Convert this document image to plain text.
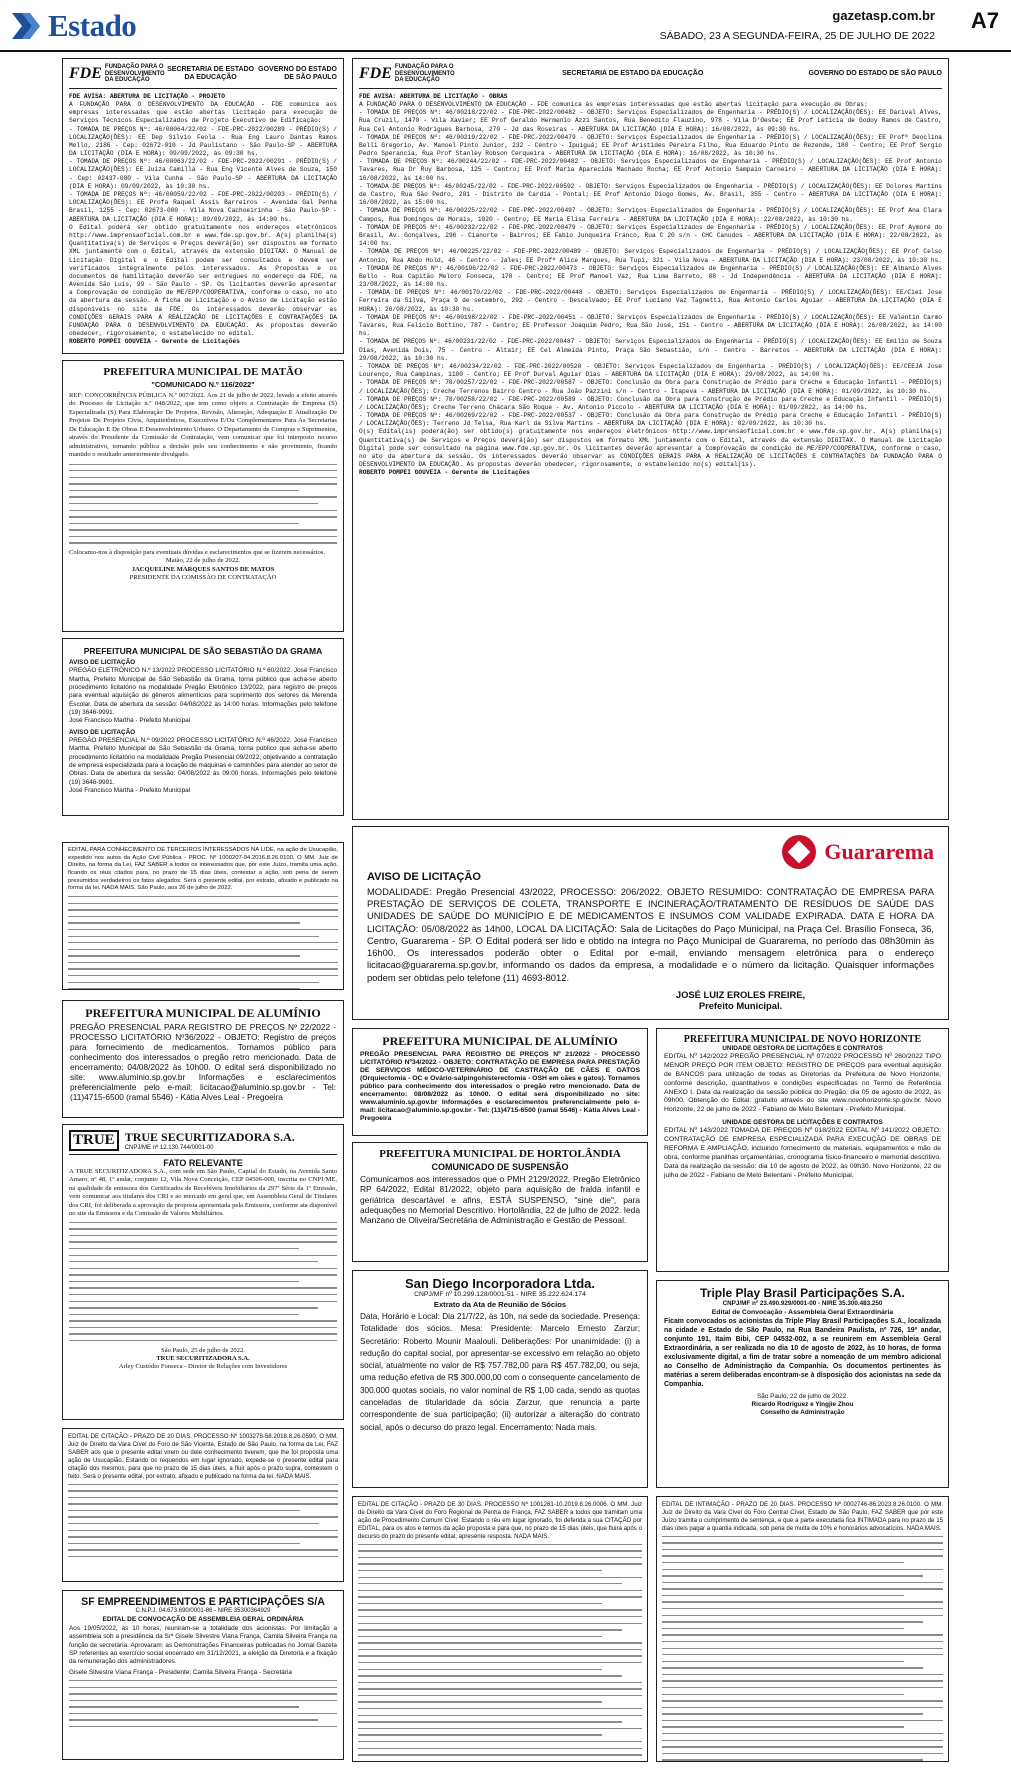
Estado	gazetasp.com.br
SÁBADO, 23 A SEGUNDA-FEIRA, 25 DE JULHO DE 2022
A7
FDE FUNDAÇÃO PARA O DESENVOLVIMENTO DA EDUCAÇÃO
SECRETARIA DE ESTADO DA EDUCAÇÃO
GOVERNO DO ESTADO DE SÃO PAULO
FDE AVISA: ABERTURA DE LICITAÇÃO - PROJETO

A FUNDAÇÃO PARA O DESENVOLVIMENTO DA EDUCAÇÃO - FDE comunica aos empresas interessadas que estão abertas licitação para execução de Serviços Técnicos Especializados de Projeto Executivo de Edificação:

- TOMADA DE PREÇOS Nº: 46/00064/22/02 - FDE-PRC-2022/00289 - PRÉDIO(S) / LOCALIZAÇÃO(ÕES): EE Dep Silvio Feola - Rua Eng Lauro Dantas Ramos Mello, 2186 - Cep: 02672-010 - Jd Paulistano - São Paulo-SP - ABERTURA DA LICITAÇÃO (DIA E HORA): 09/09/2022, às 09:30 hs.

- TOMADA DE PREÇOS Nº: 46/00063/22/02 - FDE-PRC-2022/00291 - PRÉDIO(S) / LOCALIZAÇÃO(ÕES): EE Juiza Camilla - Rua Eng Vicente Alves de Souza, 150 - Cep: 02437-080 - Vila Cunha - São Paulo-SP - ABERTURA DA LICITAÇÃO (DIA E HORA): 09/09/2022, às 10:30 hs.

- TOMADA DE PREÇOS Nº: 46/00059/22/02 - FDE-PRC-2022/00203 - PRÉDIO(S) / LOCALIZAÇÃO(ÕES): EE Profa Raquel Assis Barreiros - Avenida Gal Penha Brasil, 1255 - Cep: 02673-000 - Vila Nova Cachoeirinha - São Paulo-SP - ABERTURA DA LICITAÇÃO (DIA E HORA): 09/09/2022, às 14:00 hs.

O Edital poderá ser obtido gratuitamente nos endereços eletrônicos http://www.imprensaoficial.com.br e www.fde.sp.gov.br. A(s) planilha(s) Quantitativa(s) de Serviços e Preços deverá(ão) ser dispostos em formato XML juntamente com o Edital, através da extensão DIGITAX. O Manual de Licitação Digital e o Edital podem ser consultados e devem ser verificados integralmente pelos interessados. As Propostas e os documentos de habilitação deverão ser entregues no endereço da FDE, na Avenida São Luís, 99 - São Paulo - SP. Os licitantes deverão apresentar a Comprovação de condição de ME/EPP/COOPERATIVA, conforme o caso, no ato da abertura da sessão. A ficha de Licitação e o Aviso de Licitação estão disponíveis no site da FDE. Os interessados deverão observar as CONDIÇÕES GERAIS PARA A REALIZAÇÃO DE LICITAÇÕES E CONTRATAÇÕES DA FUNDAÇÃO PARA O DESENVOLVIMENTO DA EDUCAÇÃO. As propostas deverão obedecer, rigorosamente, o estabelecido no edital.

ROBERTO POMPEI GOUVEIA - Gerente de Licitações

PREFEITURA MUNICIPAL DE MATÃO
"COMUNICADO N.º 116/2022"

REF: CONCORRÊNCIA PÚBLICA N.º 007/2022. Aos 21 de julho de 2022, levado a efeito através do Processo de Licitação n.º 048/2022, que tem como objeto a Contratação de Empresa (S) Especializada (S) Para Elaboração De Projetos, Revisão, Alteração, Adequação E Atualização De Projetos De Projetos Civis, Arquitetônicos, Executivos E/Ou Complementares Para As Secretarias De Educação E De Obras E Desenvolvimento Urbano. O Departamento de Compras e Suprimentos, através do Presidente da Comissão de Contratação, vem comunicar que foi interposto recurso administrativo, tornando pública a decisão pelo seu conhecimento e não provimento, ficando mantido o resultado anteriormente divulgado.

Colocamo-nos à disposição para eventuais dúvidas e esclarecimentos que se fizerem necessários.

Matão, 22 de julho de 2022.

JACQUELINE MARQUES SANTOS DE MATOS

PRESIDENTE DA COMISSÃO DE CONTRATAÇÃO

PREFEITURA MUNICIPAL DE SÃO SEBASTIÃO DA GRAMA
AVISO DE LICITAÇÃO

PREGÃO ELETRÔNICO N.º 13/2022 PROCESSO LICITATÓRIO N.º 60/2022. José Francisco Martha, Prefeito Municipal de São Sebastião da Grama, torna público que acha-se aberto procedimento licitatório na modalidade Pregão Eletrônico 13/2022, para registro de preços para eventual aquisição de gêneros alimentícios para suprimento dos setores da Merenda Escolar. Data de abertura da sessão: 04/08/2022 às 14:00 horas. Informações pelo telefone (19) 3646-9991.

José Francisco Martha - Prefeito Municipal

AVISO DE LICITAÇÃO

PREGÃO PRESENCIAL N.º 09/2022 PROCESSO LICITATÓRIO N.º 46/2022. José Francisco Martha, Prefeito Municipal de São Sebastião da Grama, torna público que acha-se aberto procedimento licitatório na modalidade Pregão Presencial 09/2022, objetivando a contratação de empresa especializada para a locação de máquinas e caminhões para atender ao setor de Obras. Data de abertura da sessão: 04/08/2022 às 09:00 horas. Informações pelo telefone (19) 3646-9991.

José Francisco Martha - Prefeito Municipal

FDE FUNDAÇÃO PARA O DESENVOLVIMENTO DA EDUCAÇÃO
SECRETARIA DE ESTADO DA EDUCAÇÃO	GOVERNO DO ESTADO DE SÃO PAULO
FDE AVISA: ABERTURA DE LICITAÇÃO - OBRAS

A FUNDAÇÃO PARA O DESENVOLVIMENTO DA EDUCAÇÃO - FDE comunica às empresas interessadas que estão abertas licitação para execução de Obras:

- TOMADA DE PREÇOS Nº: 46/00218/22/02 - FDE-PRC-2022/00482 - OBJETO: Serviços Especializados de Engenharia - PRÉDIO(S) / LOCALIZAÇÃO(ÕES): EE Darival Alves, Rua Cruzil, 1470 - Vila Xavier; EE Prof Geraldo Hermenio Azzi Santos, Rua Benedito Flauzino, 978 - Vila D'Oeste; EE Prof Leticia de Godoy Ramos de Castro, Rua Cel Antonio Rodrigues Barbosa, 270 - Jd das Roseiras - ABERTURA DA LICITAÇÃO (DIA E HORA): 16/08/2022, às 09:30 hs.

- TOMADA DE PREÇOS Nº: 46/00219/22/02 - FDE-PRC-2022/00479 - OBJETO: Serviços Especializados de Engenharia - PRÉDIO(S) / LOCALIZAÇÃO(ÕES): EE Profª Deoclina Belli Gregorio, Av. Manoel Pinto Junior, 232 - Centro - Ipuiguá; EE Prof Aristides Pereira Filho, Rua Eduardo Pinto de Rezende, 180 - Centro; EE Prof Sergio Pedro Sperancia, Rua Prof Stanley Robson Cerqueira - ABERTURA DA LICITAÇÃO (DIA E HORA): 16/08/2022, às 10:30 hs.

- TOMADA DE PREÇOS Nº: 46/00244/22/02 - FDE-PRC-2022/00482 - OBJETO: Serviços Especializados de Engenharia - PRÉDIO(S) / LOCALIZAÇÃO(ÕES): EE Prof Antonio Tavares, Rua Dr Ruy Barbosa, 125 - Centro; EE Prof Maria Aparecida Machado Rocha; EE Prof Antonio Sampaio Carneiro - ABERTURA DA LICITAÇÃO (DIA E HORA): 16/08/2022, às 14:00 hs.

- TOMADA DE PREÇOS Nº: 46/00245/22/02 - FDE-PRC-2022/00592 - OBJETO: Serviços Especializados de Engenharia - PRÉDIO(S) / LOCALIZAÇÃO(ÕES): EE Dolores Martins de Castro, Rua São Pedro, 201 - Distrito de Cardia - Pontal; EE Prof Antonio Diogo Gomes, Av. Brasil, 355 - Centro - ABERTURA DA LICITAÇÃO (DIA E HORA): 16/08/2022, às 15:00 hs.

- TOMADA DE PREÇOS Nº: 46/00225/22/02 - FDE-PRC-2022/00497 - OBJETO: Serviços Especializados de Engenharia - PRÉDIO(S) / LOCALIZAÇÃO(ÕES): EE Prof Ana Clara Campos, Rua Domingos de Morais, 1020 - Centro; EE Maria Elisa Ferreira - ABERTURA DA LICITAÇÃO (DIA E HORA): 22/08/2022, às 10:30 hs.

- TOMADA DE PREÇOS Nº: 46/00232/22/02 - FDE-PRC-2022/00479 - OBJETO: Serviços Especializados de Engenharia - PRÉDIO(S) / LOCALIZAÇÃO(ÕES): EE Prof Aymoré do Brasil, Av. Gonçalves, 296 - Cianorte - Bairros; EE Fabio Junqueira Franco, Rua C 20 s/n - CHC Canudos - ABERTURA DA LICITAÇÃO (DIA E HORA): 22/08/2022, às 14:00 hs.

- TOMADA DE PREÇOS Nº: 46/00225/22/02 - FDE-PRC-2022/00489 - OBJETO: Serviços Especializados de Engenharia - PRÉDIO(S) / LOCALIZAÇÃO(ÕES): EE Prof Celso Antonio, Rua Abdo Hold, 46 - Centro - Jales; EE Profª Alice Marques, Rua Tupi, 321 - Vila Nova - ABERTURA DA LICITAÇÃO (DIA E HORA): 23/08/2022, às 10:30 hs.

- TOMADA DE PREÇOS Nº: 46/00196/22/02 - FDE-PRC-2022/00473 - OBJETO: Serviços Especializados de Engenharia - PRÉDIO(S) / LOCALIZAÇÃO(ÕES): EE Albanio Alves Bello - Rua Capitão Meloro Fonseca, 178 - Centro; EE Prof Manoel Vaz, Rua Lima Barreto, 88 - Jd Independência - ABERTURA DA LICITAÇÃO (DIA E HORA): 23/08/2022, às 14:00 hs.

- TOMADA DE PREÇOS Nº: 46/00170/22/02 - FDE-PRC-2022/00448 - OBJETO: Serviços Especializados de Engenharia - PRÉDIO(S) / LOCALIZAÇÃO(ÕES): EE/Ciei Jose Ferreira da Silva, Praça 9 de setembro, 292 - Centro - Descalvado; EE Prof Luciano Vaz Tagnetti, Rua Antonio Carlos Aguiar - ABERTURA DA LICITAÇÃO (DIA E HORA): 26/08/2022, às 10:30 hs.

- TOMADA DE PREÇOS Nº: 46/00198/22/02 - FDE-PRC-2022/00451 - OBJETO: Serviços Especializados de Engenharia - PRÉDIO(S) / LOCALIZAÇÃO(ÕES): EE Valentin Carmo Tavares, Rua Felício Bottino, 787 - Centro; EE Professor Joaquim Pedro, Rua São José, 151 - Centro - ABERTURA DA LICITAÇÃO (DIA E HORA): 26/08/2022, às 14:00 hs.

- TOMADA DE PREÇOS Nº: 46/00231/22/02 - FDE-PRC-2022/00487 - OBJETO: Serviços Especializados de Engenharia - PRÉDIO(S) / LOCALIZAÇÃO(ÕES): EE Emilio de Souza Dias, Avenida Dois, 75 - Centro - Altair; EE Cel Almeida Pinto, Praça São Sebastião, s/n - Centro - Barretos - ABERTURA DA LICITAÇÃO (DIA E HORA): 29/08/2022, às 10:30 hs.

- TOMADA DE PREÇOS Nº: 46/00234/22/02 - FDE-PRC-2022/00520 - OBJETO: Serviços Especializados de Engenharia - PRÉDIO(S) / LOCALIZAÇÃO(ÕES): EE/CEEJA Jose Lourenço, Rua Campinas, 1100 - Centro; EE Prof Durval Aguiar Dias - ABERTURA DA LICITAÇÃO (DIA E HORA): 29/08/2022, às 14:00 hs.

- TOMADA DE PREÇOS Nº: 78/00257/22/02 - FDE-PRC-2022/00587 - OBJETO: Conclusão da Obra para Construção de Prédio para Creche e Educação Infantil - PRÉDIO(S) / LOCALIZAÇÃO(ÕES): Creche Terrenos Bairro Centro - Rua João Pazzini s/n - Centro - Itapeva - ABERTURA DA LICITAÇÃO (DIA E HORA): 01/09/2022, às 10:30 hs.

- TOMADA DE PREÇOS Nº: 78/00258/22/02 - FDE-PRC-2022/00589 - OBJETO: Conclusão da Obra para Construção de Prédio para Creche e Educação Infantil - PRÉDIO(S) / LOCALIZAÇÃO(ÕES): Creche Terreno Chácara São Roque - Av. Antonio Piccolo - ABERTURA DA LICITAÇÃO (DIA E HORA): 01/09/2022, às 14:00 hs.

- TOMADA DE PREÇOS Nº: 46/00269/22/02 - FDE-PRC-2022/00537 - OBJETO: Conclusão da Obra para Construção de Prédio para Creche e Educação Infantil - PRÉDIO(S) / LOCALIZAÇÃO(ÕES): Terreno Jd Telsa, Rua Karl da Silva Martins - ABERTURA DA LICITAÇÃO (DIA E HORA): 02/09/2022, às 10:30 hs.

O(s) Edital(is) poderá(ão) ser obtido(s) gratuitamente nos endereços eletrônicos http://www.imprensaoficial.com.br e www.fde.sp.gov.br. A(s) planilha(s) Quantitativa(s) de Serviços e Preços deverá(ão) ser dispostos em formato XML juntamente com o Edital, através da extensão DIGITAX. O Manual de Licitação Digital pode ser consultado na página www.fde.sp.gov.br. Os licitantes deverão apresentar a Comprovação de condição de ME/EPP/COOPERATIVA, conforme o caso, no ato da abertura da sessão. Os interessados deverão observar as CONDIÇÕES GERAIS PARA A REALIZAÇÃO DE LICITAÇÕES E CONTRATAÇÕES DA FUNDAÇÃO PARA O DESENVOLVIMENTO DA EDUCAÇÃO. As propostas deverão obedecer, rigorosamente, o estabelecido no(s) edital(is).

ROBERTO POMPEI GOUVEIA - Gerente de Licitações

EDITAL PARA CONHECIMENTO DE TERCEIROS INTERESSADOS NA LIDE, na ação de Usucapião, expedido nos autos da Ação Civil Pública - PROC. Nº 1000207-94.2016.8.26.0100. O MM. Juiz de Direito, na forma da Lei, FAZ SABER a todos os interessados que, por este Juízo, tramita uma ação, ficando os réus citados para, no prazo de 15 dias úteis, contestar a ação, sob pena de serem presumidos verdadeiros os fatos alegados. Será o presente edital, por extrato, afixado e publicado na forma da lei. NADA MAIS. São Paulo, aos 26 de julho de 2022.

Guararema
AVISO DE LICITAÇÃO

MODALIDADE: Pregão Presencial 43/2022, PROCESSO: 206/2022. OBJETO RESUMIDO: CONTRATAÇÃO DE EMPRESA PARA PRESTAÇÃO DE SERVIÇOS DE COLETA, TRANSPORTE E INCINERAÇÃO/TRATAMENTO DE RESÍDUOS DE SAÚDE DAS UNIDADES DE SAÚDE DO MUNICÍPIO E DE MEDICAMENTOS E INSUMOS COM VALIDADE EXPIRADA. DATA E HORA DA LICITAÇÃO: 05/08/2022 às 14h00, LOCAL DA LICITAÇÃO: Sala de Licitações do Paço Municipal, na Praça Cel. Brasílio Fonseca, 36, Centro, Guararema - SP. O Edital poderá ser lido e obtido na íntegra no Paço Municipal de Guararema, no período das 08h30min às 16h00. Os interessados poderão obter o Edital por e-mail, enviando mensagem eletrônica para o endereço licitacao@guararema.sp.gov.br, informando os dados da empresa, a modalidade e o número da licitação. Quaisquer informações podem ser obtidas pelo telefone (11) 4693-8012.

JOSÉ LUIZ EROLES FREIRE,

Prefeito Municipal.

PREFEITURA MUNICIPAL DE ALUMÍNIO

PREGÃO PRESENCIAL PARA REGISTRO DE PREÇOS Nº 22/2022 - PROCESSO LICITATÓRIO Nº36/2022 - OBJETO: Registro de preços para fornecimento de medicamentos. Tornamos público para conhecimento dos interessados o pregão retro mencionado. Data de encerramento: 04/08/2022 às 10h00. O edital será disponibilizado no site: www.aluminio.sp.gov.br Informações e esclarecimentos preferencialmente pelo e-mail: licitacao@aluminio.sp.gov.br - Tel: (11)4715-6500 (ramal 5546) - Kátia Alves Leal - Pregoeira

PREFEITURA MUNICIPAL DE ALUMÍNIO

PREGÃO PRESENCIAL PARA REGISTRO DE PREÇOS Nº 21/2022 - PROCESSO LICITATÓRIO Nº34/2022 - OBJETO: CONTRATAÇÃO DE EMPRESA PARA PRESTAÇÃO DE SERVIÇOS MÉDICO-VETERINÁRIO DE CASTRAÇÃO DE CÃES E GATOS (Orquiectomia - OC e Ovário-salpingohisterectomia - OSH em cães e gatos). Tornamos público para conhecimento dos interessados o pregão retro mencionado. Data de encerramento: 08/08/2022 às 10h00. O edital será disponibilizado no site: www.aluminio.sp.gov.br Informações e esclarecimentos preferencialmente pelo e-mail: licitacao@aluminio.sp.gov.br - Tel: (11)4715-6500 (ramal 5546) - Kátia Alves Leal - Pregoeira

PREFEITURA MUNICIPAL DE NOVO HORIZONTE
UNIDADE GESTORA DE LICITAÇÕES E CONTRATOS

EDITAL Nº 142/2022 PREGÃO PRESENCIAL Nº 07/2022 PROCESSO Nº 260/2022 TIPO MENOR PREÇO POR ITEM OBJETO: REGISTRO DE PREÇOS para eventual aquisição de BANCOS para utilização de todas as Diretorias da Prefeitura de Novo Horizonte, conforme descrição, quantitativos e condições especificadas no Termo de Referência ANEXO I. Data da realização da sessão pública do Pregão: dia 05 de agosto de 2022, às 09h00. Obtenção do Edital: gratuito através do site www.novohorizonte.sp.gov.br. Novo Horizonte, 22 de julho de 2022 - Fabiano de Melo Belentani - Prefeito Municipal.

UNIDADE GESTORA DE LICITAÇÕES E CONTRATOS

EDITAL Nº 143/2022 TOMADA DE PREÇOS Nº 018/2022 EDITAL Nº 141/2022 OBJETO: CONTRATAÇÃO DE EMPRESA ESPECIALIZADA PARA EXECUÇÃO DE OBRAS DE REFORMA E AMPLIAÇÃO, incluindo fornecimento de materiais, equipamentos e mão de obra, conforme planilhas orçamentárias, cronograma físico-financeiro e memorial descritivo. Data da realização da sessão: dia 10 de agosto de 2022, às 09h30. Novo Horizonte, 22 de julho de 2022 - Fabiano de Melo Belentani - Prefeito Municipal.

PREFEITURA MUNICIPAL DE HORTOLÂNDIA
COMUNICADO DE SUSPENSÃO

Comunicamos aos interessados que o PMH 2129/2022, Pregão Eletrônico RP 64/2022, Edital 81/2022, objeto para aquisição de fralda infantil e geriátrica descartável e afins, ESTÁ SUSPENSO, "sine die", para adequações no Memorial Descritivo. Hortolândia, 22 de julho de 2022. Ieda Manzano de Oliveira/Secretária de Administração e Gestão de Pessoal.

TRUE TRUE SECURITIZADORA S.A.
CNPJ/ME nº 12.130.744/0001-00
FATO RELEVANTE

A TRUE SECURITIZADORA S.A., com sede em São Paulo, Capital do Estado, na Avenida Santo Amaro, nº 48, 1º andar, conjunto 12, Vila Nova Conceição, CEP 04506-000, inscrita no CNPJ/ME, na qualidade de emissora dos Certificados de Recebíveis Imobiliários da 297ª Série da 1ª Emissão, vem comunicar aos titulares dos CRI e ao mercado em geral que, em Assembleia Geral de Titulares dos CRI, foi deliberada a aprovação da proposta apresentada pela Emissora, conforme ata disponível no site da Emissora e da Comissão de Valores Mobiliários.

São Paulo, 25 de julho de 2022.

TRUE SECURITIZADORA S.A.

Arley Custódio Fonseca - Diretor de Relações com Investidores

San Diego Incorporadora Ltda.
CNPJ/MF nº 10.299.128/0001-51 - NIRE 35.222.624.174
Extrato da Ata de Reunião de Sócios

Data, Horário e Local: Dia 21/7/22, às 10h, na sede da sociedade. Presença: Totalidade dos sócios. Mesa: Presidente: Marcelo Ernesto Zarzur; Secretário: Roberto Mounir Maalouli. Deliberações: Por unanimidade: (i) a redução do capital social, por apresentar-se excessivo em relação ao objeto social, atualmente no valor de R$ 757.782,00 para R$ 457.782,00, ou seja, uma redução efetiva de R$ 300.000,00 com o consequente cancelamento de 300.000 quotas sociais, no valor nominal de R$ 1,00 cada, sendo as quotas canceladas de titularidade da sócia Zarzur, que renuncia a parte correspondente de sua participação; (ii) autorizar a alteração do contrato social, após o decurso do prazo legal. Encerramento: Nada mais.

Triple Play Brasil Participações S.A.
CNPJ/MF nº 23.490.929/0001-00 - NIRE 35.300.483.250
Edital de Convocação - Assembleia Geral Extraordinária

Ficam convocados os acionistas da Triple Play Brasil Participações S.A., localizada na cidade e Estado de São Paulo, na Rua Bandeira Paulista, nº 726, 19º andar, conjunto 191, Itaim Bibi, CEP 04532-002, a se reunirem em Assembleia Geral Extraordinária, a ser realizada no dia 10 de agosto de 2022, às 10 horas, de forma exclusivamente digital, a fim de tratar sobre a nomeação de um membro adicional ao Conselho de Administração da Companhia. Os documentos pertinentes às matérias a serem deliberadas encontram-se à disposição dos acionistas na sede da Companhia.

São Paulo, 22 de julho de 2022.

Ricardo Rodriguez e Yingjie Zhou

Conselho de Administração

EDITAL DE CITAÇÃO - PRAZO DE 20 DIAS. PROCESSO Nº 1003278-58.2018.8.26.0590. O MM. Juiz de Direito da Vara Cível do Foro de São Vicente, Estado de São Paulo, na forma da Lei, FAZ SABER aos que o presente edital virem ou dele conhecimento tiverem, que lhe foi proposta uma ação de Usucapião. Estando os requeridos em lugar ignorado, expede-se o presente edital para citação dos mesmos, para que no prazo de 15 dias úteis, a fluir após o prazo supra, contestem o feito. Será o presente edital, por extrato, afixado e publicado na forma da lei. NADA MAIS.

SF EMPREENDIMENTOS E PARTICIPAÇÕES S/A
C.N.P.J. 04.673.690/0001-86 - NIRE 35300364929
EDITAL DE CONVOCAÇÃO DE ASSEMBLEIA GERAL ORDINÁRIA

Aos 19/05/2022, às 10 horas, reuniram-se a totalidade dos acionistas. Por limitação a assembleia sob a presidência da Srª Gisele Silvestre Viana França, Camila Silveira França na função de secretária. Aprovaram: as Demonstrações Financeiras publicadas no Jornal Gazeta SP referentes ao exercício social encerrado em 31/12/2021, a eleição da Diretoria e a fixação da remuneração dos administradores.

Gisele Silvestre Viana França - Presidente; Camila Silveira França - Secretária

EDITAL DE CITAÇÃO - PRAZO DE 30 DIAS. PROCESSO Nº 1001261-10.2019.8.26.0006. O MM. Juiz de Direito da Vara Cível do Foro Regional de Penha de França, FAZ SABER a todos que tramitam uma ação de Procedimento Comum Cível. Estando o réu em lugar ignorado, foi deferida a sua CITAÇÃO por EDITAL, para os atos e termos da ação proposta e para que, no prazo de 15 dias úteis, que fluirá após o decurso do prazo do presente edital, apresente resposta. NADA MAIS.

EDITAL DE INTIMAÇÃO - PRAZO DE 20 DIAS. PROCESSO Nº 0002746-86.2023.8.26.0100. O MM. Juiz de Direito da Vara Cível do Foro Central Cível, Estado de São Paulo, FAZ SABER que por este Juízo tramita o cumprimento de sentença, e que a parte executada fica INTIMADA para no prazo de 15 dias úteis pagar a quantia indicada, sob pena de multa de 10% e honorários advocatícios. NADA MAIS.
